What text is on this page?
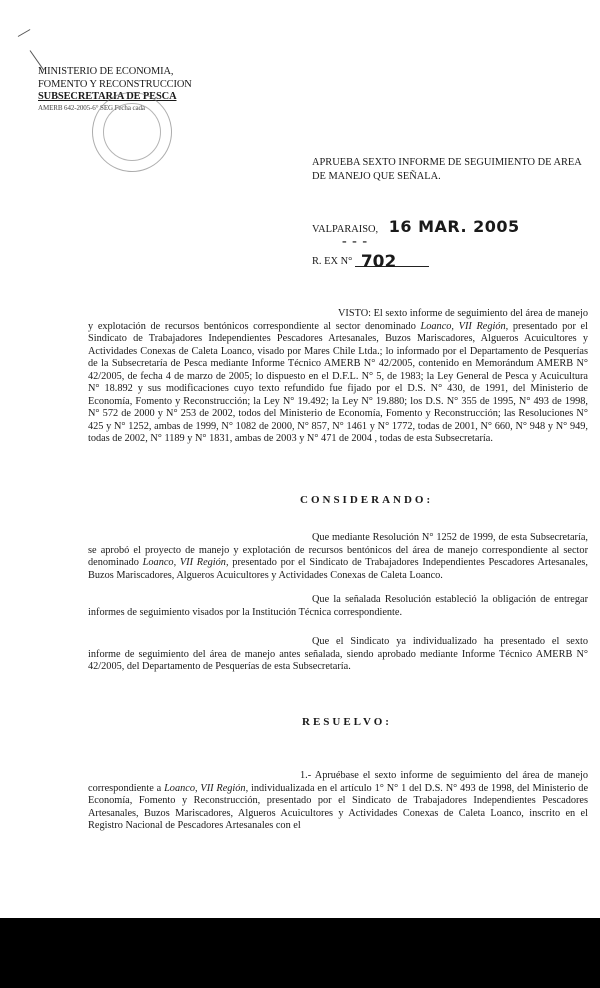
MINISTERIO DE ECONOMIA,
FOMENTO Y RECONSTRUCCION
SUBSECRETARIA DE PESCA
AMERB 642-2005-6° SEG Fecha cada
APRUEBA SEXTO INFORME DE SEGUIMIENTO DE AREA DE MANEJO QUE SEÑALA.
VALPARAISO, 16 MAR. 2005
- - -
R. EX N° 702
VISTO: El sexto informe de seguimiento del área de manejo y explotación de recursos bentónicos correspondiente al sector denominado Loanco, VII Región, presentado por el Sindicato de Trabajadores Independientes Pescadores Artesanales, Buzos Mariscadores, Algueros Acuicultores y Actividades Conexas de Caleta Loanco, visado por Mares Chile Ltda.; lo informado por el Departamento de Pesquerías de la Subsecretaría de Pesca mediante Informe Técnico AMERB N° 42/2005, contenido en Memorándum AMERB N° 42/2005, de fecha 4 de marzo de 2005; lo dispuesto en el D.F.L. N° 5, de 1983; la Ley General de Pesca y Acuicultura N° 18.892 y sus modificaciones cuyo texto refundido fue fijado por el D.S. N° 430, de 1991, del Ministerio de Economía, Fomento y Reconstrucción; la Ley N° 19.492; la Ley N° 19.880; los D.S. N° 355 de 1995, N° 493 de 1998, N° 572 de 2000 y N° 253 de 2002, todos del Ministerio de Economía, Fomento y Reconstrucción; las Resoluciones N° 425 y N° 1252, ambas de 1999, N° 1082 de 2000, N° 857, N° 1461 y N° 1772, todas de 2001, N° 660, N° 948 y N° 949, todas de 2002, N° 1189 y N° 1831, ambas de 2003 y N° 471 de 2004 , todas de esta Subsecretaría.
CONSIDERANDO:
Que mediante Resolución N° 1252 de 1999, de esta Subsecretaría, se aprobó el proyecto de manejo y explotación de recursos bentónicos del área de manejo correspondiente al sector denominado Loanco, VII Región, presentado por el Sindicato de Trabajadores Independientes Pescadores Artesanales, Buzos Mariscadores, Algueros Acuicultores y Actividades Conexas de Caleta Loanco.
Que la señalada Resolución estableció la obligación de entregar informes de seguimiento visados por la Institución Técnica correspondiente.
Que el Sindicato ya individualizado ha presentado el sexto informe de seguimiento del área de manejo antes señalada, siendo aprobado mediante Informe Técnico AMERB N° 42/2005, del Departamento de Pesquerías de esta Subsecretaría.
RESUELVO:
1.- Apruébase el sexto informe de seguimiento del área de manejo correspondiente a Loanco, VII Región, individualizada en el artículo 1° N° 1 del D.S. N° 493 de 1998, del Ministerio de Economía, Fomento y Reconstrucción, presentado por el Sindicato de Trabajadores Independientes Pescadores Artesanales, Buzos Mariscadores, Algueros Acuicultores y Actividades Conexas de Caleta Loanco, inscrito en el Registro Nacional de Pescadores Artesanales con el
